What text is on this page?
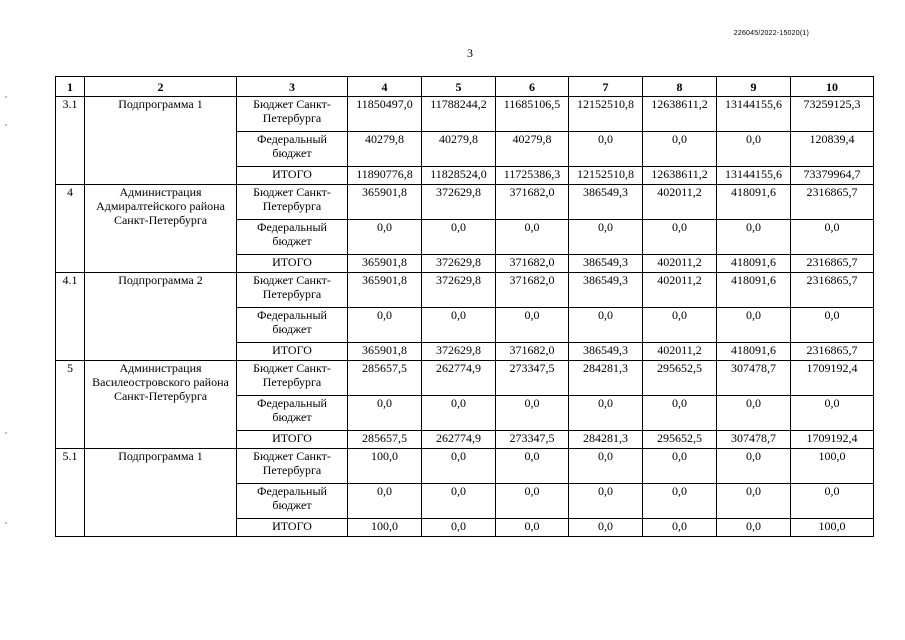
226045/2022-15020(1)
3
1	2	3	4	5	6	7	8	9	10
3.1	Подпрограмма 1	Бюджет Санкт-Петербурга	11850497,0	11788244,2	11685106,5	12152510,8	12638611,2	13144155,6	73259125,3
		Федеральный бюджет	40279,8	40279,8	40279,8	0,0	0,0	0,0	120839,4
		ИТОГО	11890776,8	11828524,0	11725386,3	12152510,8	12638611,2	13144155,6	73379964,7
4	Администрация Адмиралтейского района Санкт-Петербурга	Бюджет Санкт-Петербурга	365901,8	372629,8	371682,0	386549,3	402011,2	418091,6	2316865,7
		Федеральный бюджет	0,0	0,0	0,0	0,0	0,0	0,0	0,0
		ИТОГО	365901,8	372629,8	371682,0	386549,3	402011,2	418091,6	2316865,7
4.1	Подпрограмма 2	Бюджет Санкт-Петербурга	365901,8	372629,8	371682,0	386549,3	402011,2	418091,6	2316865,7
		Федеральный бюджет	0,0	0,0	0,0	0,0	0,0	0,0	0,0
		ИТОГО	365901,8	372629,8	371682,0	386549,3	402011,2	418091,6	2316865,7
5	Администрация Василеостровского района Санкт-Петербурга	Бюджет Санкт-Петербурга	285657,5	262774,9	273347,5	284281,3	295652,5	307478,7	1709192,4
		Федеральный бюджет	0,0	0,0	0,0	0,0	0,0	0,0	0,0
		ИТОГО	285657,5	262774,9	273347,5	284281,3	295652,5	307478,7	1709192,4
5.1	Подпрограмма 1	Бюджет Санкт-Петербурга	100,0	0,0	0,0	0,0	0,0	0,0	100,0
		Федеральный бюджет	0,0	0,0	0,0	0,0	0,0	0,0	0,0
		ИТОГО	100,0	0,0	0,0	0,0	0,0	0,0	100,0
